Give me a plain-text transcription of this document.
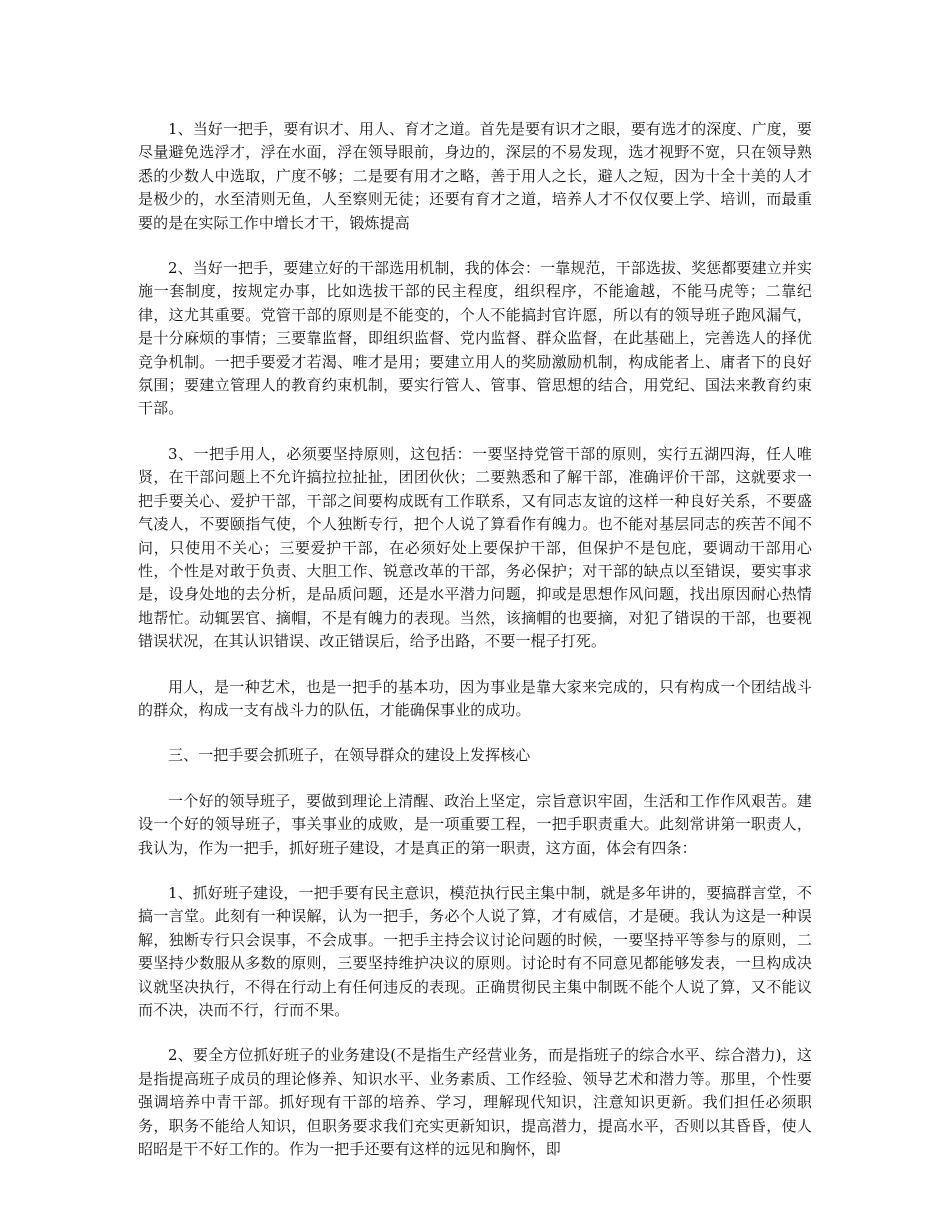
1、当好一把手，要有识才、用人、育才之道。首先是要有识才之眼，要有选才的深度、广度，要尽量避免选浮才，浮在水面，浮在领导眼前，身边的，深层的不易发现，选才视野不宽，只在领导熟悉的少数人中选取，广度不够；二是要有用才之略，善于用人之长，避人之短，因为十全十美的人才是极少的，水至清则无鱼，人至察则无徒；还要有育才之道，培养人才不仅仅要上学、培训，而最重要的是在实际工作中增长才干，锻炼提高

2、当好一把手，要建立好的干部选用机制，我的体会：一靠规范，干部选拔、奖惩都要建立并实施一套制度，按规定办事，比如选拔干部的民主程度，组织程序，不能逾越，不能马虎等；二靠纪律，这尤其重要。党管干部的原则是不能变的，个人不能搞封官许愿，所以有的领导班子跑风漏气，是十分麻烦的事情；三要靠监督，即组织监督、党内监督、群众监督，在此基础上，完善选人的择优竞争机制。一把手要爱才若渴、唯才是用；要建立用人的奖励激励机制，构成能者上、庸者下的良好氛围；要建立管理人的教育约束机制，要实行管人、管事、管思想的结合，用党纪、国法来教育约束干部。

3、一把手用人，必须要坚持原则，这包括：一要坚持党管干部的原则，实行五湖四海，任人唯贤，在干部问题上不允许搞拉拉扯扯，团团伙伙；二要熟悉和了解干部，准确评价干部，这就要求一把手要关心、爱护干部，干部之间要构成既有工作联系，又有同志友谊的这样一种良好关系，不要盛气凌人，不要颐指气使，个人独断专行，把个人说了算看作有魄力。也不能对基层同志的疾苦不闻不问，只使用不关心；三要爱护干部，在必须好处上要保护干部，但保护不是包庇，要调动干部用心性，个性是对敢于负责、大胆工作、锐意改革的干部，务必保护；对干部的缺点以至错误，要实事求是，设身处地的去分析，是品质问题，还是水平潜力问题，抑或是思想作风问题，找出原因耐心热情地帮忙。动辄罢官、摘帽，不是有魄力的表现。当然，该摘帽的也要摘，对犯了错误的干部，也要视错误状况，在其认识错误、改正错误后，给予出路，不要一棍子打死。

用人，是一种艺术，也是一把手的基本功，因为事业是靠大家来完成的，只有构成一个团结战斗的群众，构成一支有战斗力的队伍，才能确保事业的成功。

三、一把手要会抓班子，在领导群众的建设上发挥核心

一个好的领导班子，要做到理论上清醒、政治上坚定，宗旨意识牢固，生活和工作作风艰苦。建设一个好的领导班子，事关事业的成败，是一项重要工程，一把手职责重大。此刻常讲第一职责人，我认为，作为一把手，抓好班子建设，才是真正的第一职责，这方面，体会有四条：

1、抓好班子建设，一把手要有民主意识，模范执行民主集中制，就是多年讲的，要搞群言堂，不搞一言堂。此刻有一种误解，认为一把手，务必个人说了算，才有威信，才是硬。我认为这是一种误解，独断专行只会误事，不会成事。一把手主持会议讨论问题的时候，一要坚持平等参与的原则，二要坚持少数服从多数的原则，三要坚持维护决议的原则。讨论时有不同意见都能够发表，一旦构成决议就坚决执行，不得在行动上有任何违反的表现。正确贯彻民主集中制既不能个人说了算，又不能议而不决，决而不行，行而不果。

2、要全方位抓好班子的业务建设(不是指生产经营业务，而是指班子的综合水平、综合潜力)，这是指提高班子成员的理论修养、知识水平、业务素质、工作经验、领导艺术和潜力等。那里，个性要强调培养中青干部。抓好现有干部的培养、学习，理解现代知识，注意知识更新。我们担任必须职务，职务不能给人知识，但职务要求我们充实更新知识，提高潜力，提高水平，否则以其昏昏，使人昭昭是干不好工作的。作为一把手还要有这样的远见和胸怀，即
